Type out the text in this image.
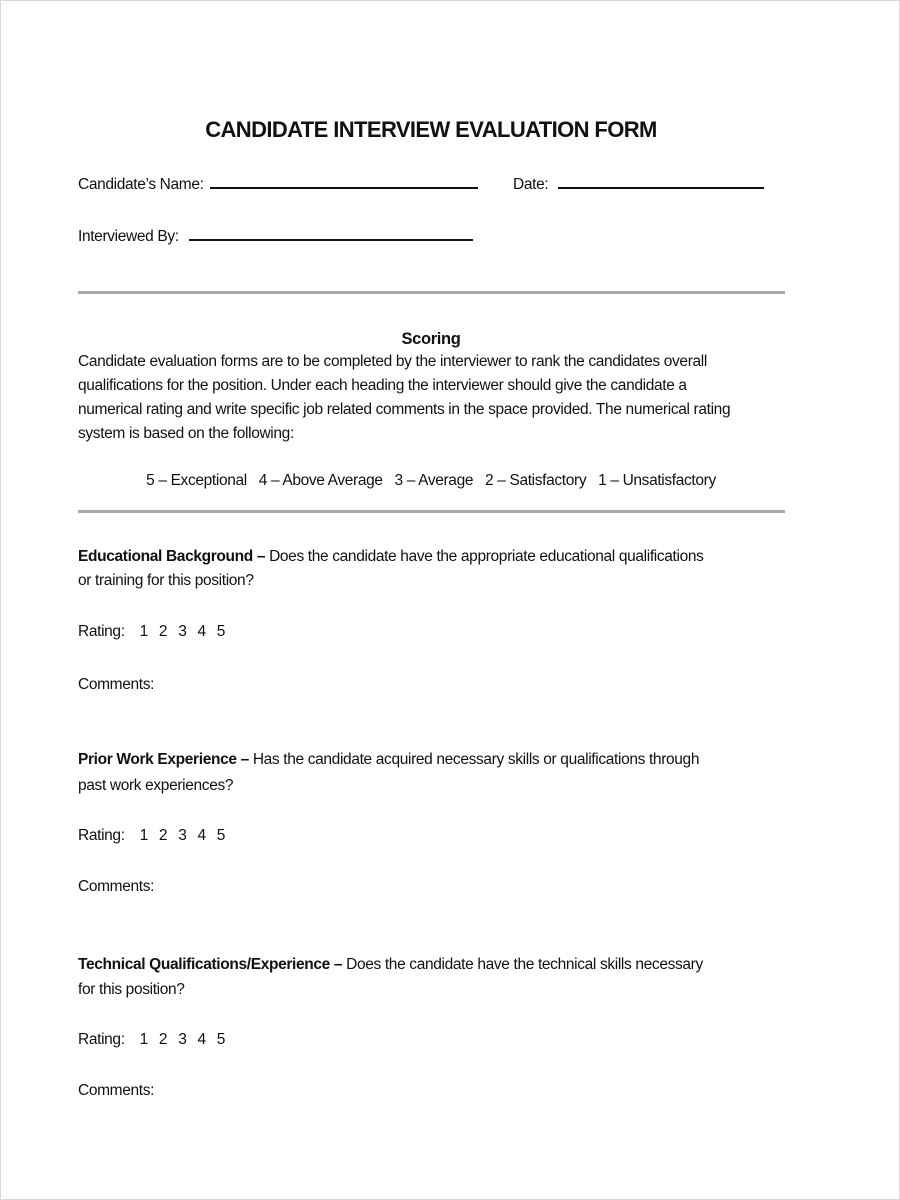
CANDIDATE INTERVIEW EVALUATION FORM
Candidate’s Name:	Date:
Interviewed By:
Scoring
Candidate evaluation forms are to be completed by the interviewer to rank the candidates overall
qualifications for the position. Under each heading the interviewer should give the candidate a
numerical rating and write specific job related comments in the space provided. The numerical rating
system is based on the following:
5 – Exceptional 4 – Above Average 3 – Average 2 – Satisfactory 1 – Unsatisfactory
Educational Background – Does the candidate have the appropriate educational qualifications
or training for this position?
Rating: 1 2 3 4 5
Comments:
Prior Work Experience – Has the candidate acquired necessary skills or qualifications through
past work experiences?
Rating: 1 2 3 4 5
Comments:
Technical Qualifications/Experience – Does the candidate have the technical skills necessary
for this position?
Rating: 1 2 3 4 5
Comments:
